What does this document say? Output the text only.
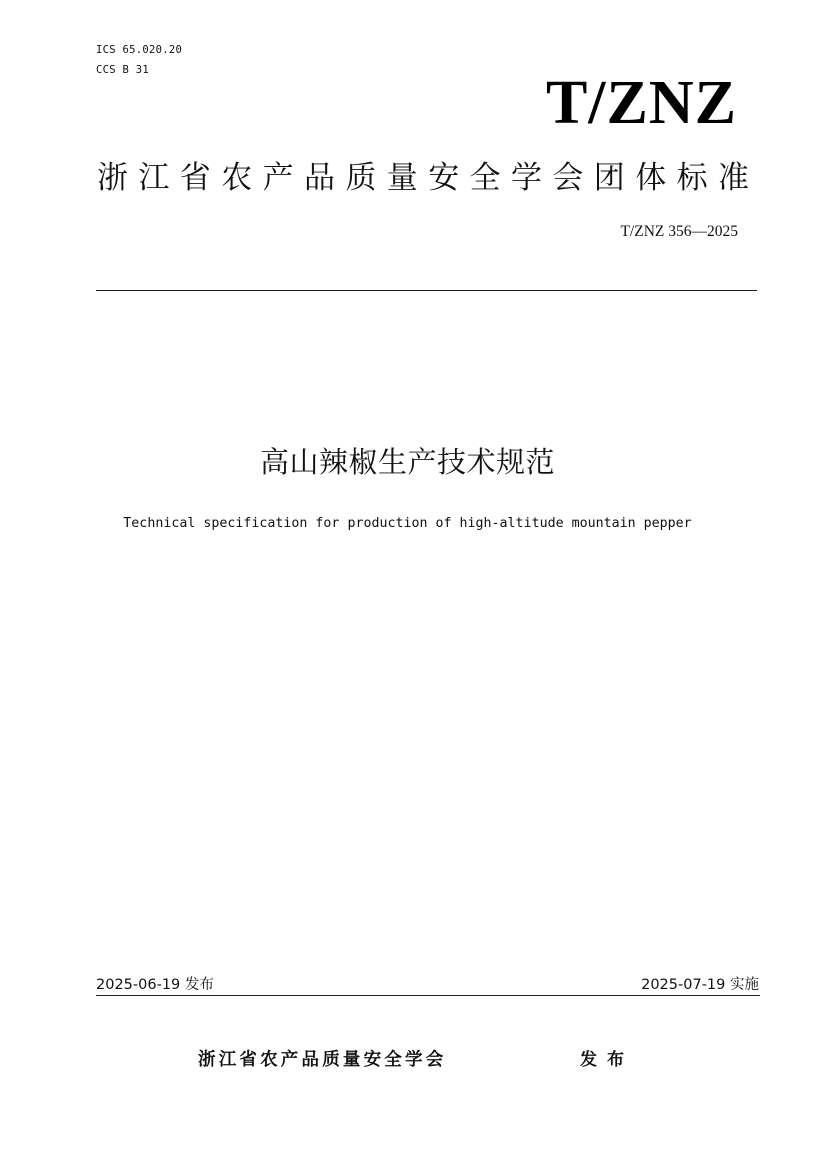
ICS 65.020.20
CCS B 31	T/ZNZ
浙江省农产品质量安全学会团体标准
T/ZNZ 356—2025
高山辣椒生产技术规范
Technical specification for production of high-altitude mountain pepper
2025-06-19 发布	2025-07-19 实施
浙江省农产品质量安全学会	发布
